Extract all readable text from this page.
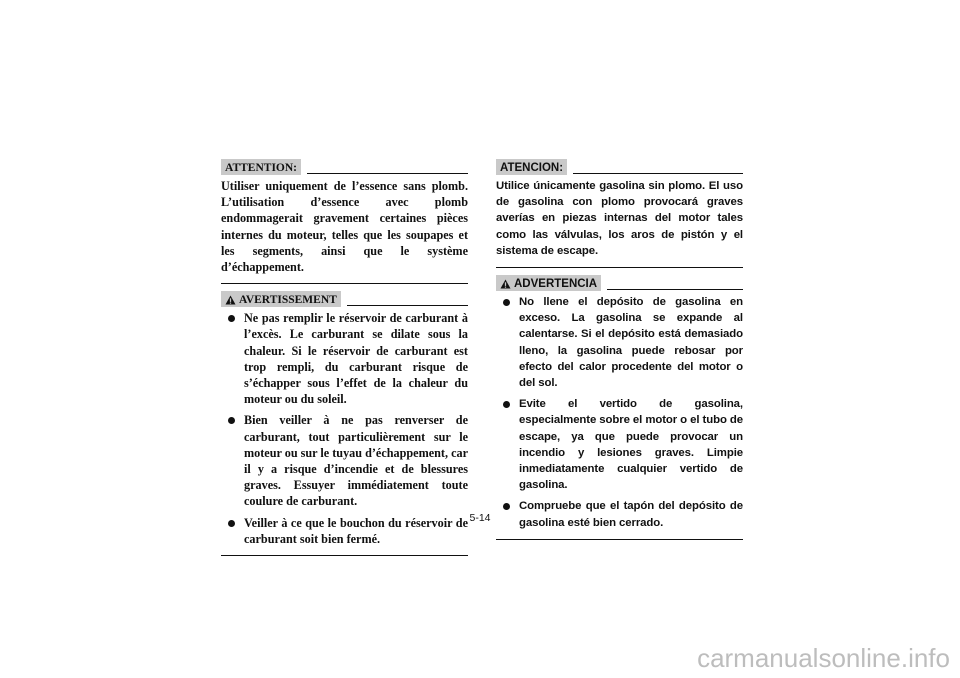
ATTENTION:

Utiliser uniquement de l’essence sans plomb. L’utilisation d’essence avec plomb endommagerait gravement certaines pièces internes du moteur, telles que les soupapes et les segments, ainsi que le système d’échappement.

AVERTISSEMENT
Ne pas remplir le réservoir de carburant à l’excès. Le carburant se dilate sous la chaleur. Si le réservoir de carburant est trop rempli, du carburant risque de s’échapper sous l’effet de la chaleur du moteur ou du soleil.
Bien veiller à ne pas renverser de carburant, tout particulièrement sur le moteur ou sur le tuyau d’échappement, car il y a risque d’incendie et de blessures graves. Essuyer immédiatement toute coulure de carburant.
Veiller à ce que le bouchon du réservoir de carburant soit bien fermé.
ATENCION:

Utilice únicamente gasolina sin plomo. El uso de gasolina con plomo provocará graves averías en piezas internas del motor tales como las válvulas, los aros de pistón y el sistema de escape.

ADVERTENCIA
No llene el depósito de gasolina en exceso. La gasolina se expande al calentarse. Si el depósito está demasiado lleno, la gasolina puede rebosar por efecto del calor procedente del motor o del sol.
Evite el vertido de gasolina, especialmente sobre el motor o el tubo de escape, ya que puede provocar un incendio y lesiones graves. Limpie inmediatamente cualquier vertido de gasolina.
Compruebe que el tapón del depósito de gasolina esté bien cerrado.
5-14
carmanualsonline.info
